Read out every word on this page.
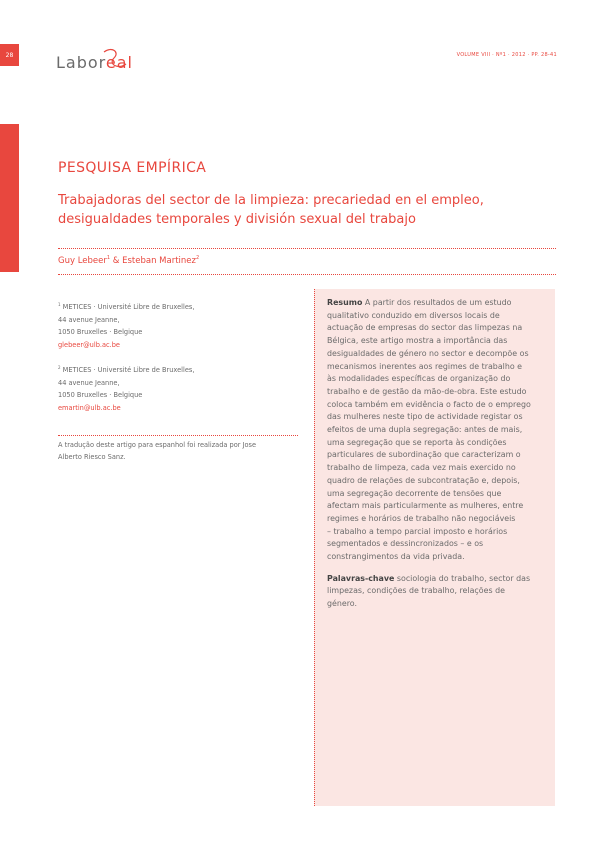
28	Laboreal	VOLUME VIII · Nº1 · 2012 · PP. 28-41
PESQUISA EMPÍRICA
Trabajadoras del sector de la limpieza: precariedad en el empleo,
desigualdades temporales y división sexual del trabajo
Guy Lebeer$^1$ & Esteban Martinez$^2$
$^1$ METICES · Université Libre de Bruxelles,
44 avenue Jeanne,
1050 Bruxelles · Belgique
glebeer@ulb.ac.be
$^2$ METICES · Université Libre de Bruxelles,
44 avenue Jeanne,
1050 Bruxelles · Belgique
emartin@ulb.ac.be
A tradução deste artigo para espanhol foi realizada por Jose
Alberto Riesco Sanz.
Resumo A partir dos resultados de um estudo
qualitativo conduzido em diversos locais de
actuação de empresas do sector das limpezas na
Bélgica, este artigo mostra a importância das
desigualdades de género no sector e decompõe os
mecanismos inerentes aos regimes de trabalho e
às modalidades específicas de organização do
trabalho e de gestão da mão-de-obra. Este estudo
coloca também em evidência o facto de o emprego
das mulheres neste tipo de actividade registar os
efeitos de uma dupla segregação: antes de mais,
uma segregação que se reporta às condições
particulares de subordinação que caracterizam o
trabalho de limpeza, cada vez mais exercido no
quadro de relações de subcontratação e, depois,
uma segregação decorrente de tensões que
afectam mais particularmente as mulheres, entre
regimes e horários de trabalho não negociáveis
– trabalho a tempo parcial imposto e horários
segmentados e dessincronizados – e os
constrangimentos da vida privada.
Palavras-chave sociologia do trabalho, sector das
limpezas, condições de trabalho, relações de
género.
